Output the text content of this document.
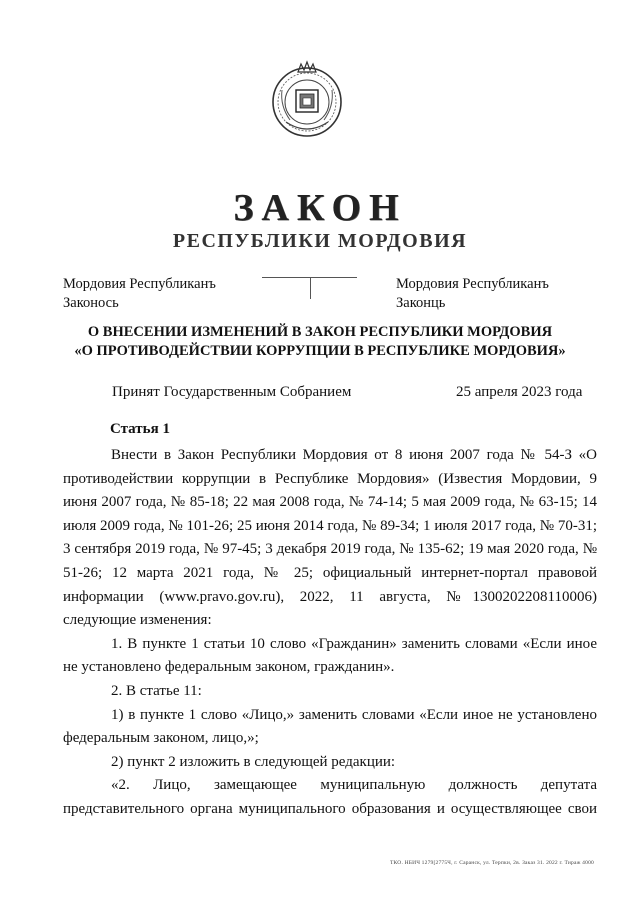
ЗАКОН
РЕСПУБЛИКИ МОРДОВИЯ
Мордовия Республиканъ
Законось
Мордовия Республиканъ
Законць
О ВНЕСЕНИИ ИЗМЕНЕНИЙ В ЗАКОН РЕСПУБЛИКИ МОРДОВИЯ
«О ПРОТИВОДЕЙСТВИИ КОРРУПЦИИ В РЕСПУБЛИКЕ МОРДОВИЯ»
Принят Государственным Собранием	25 апреля 2023 года
Статья 1

Внести в Закон Республики Мордовия от 8 июня 2007 года № 54-З «О противодействии коррупции в Республике Мордовия» (Известия Мордовии, 9 июня 2007 года, № 85-18; 22 мая 2008 года, № 74-14; 5 мая 2009 года, № 63-15; 14 июля 2009 года, № 101-26; 25 июня 2014 года, № 89-34; 1 июля 2017 года, № 70-31; 3 сентября 2019 года, № 97-45; 3 декабря 2019 года, № 135-62; 19 мая 2020 года, № 51-26; 12 марта 2021 года, № 25; официальный интернет-портал правовой информации (www.pravo.gov.ru), 2022, 11 августа, №1300202208110006) следующие изменения:

1. В пункте 1 статьи 10 слово «Гражданин» заменить словами «Если иное не установлено федеральным законом, гражданин».

2. В статье 11:

1) в пункте 1 слово «Лицо,» заменить словами «Если иное не установлено федеральным законом, лицо,»;

2) пункт 2 изложить в следующей редакции:

«2. Лицо, замещающее муниципальную должность депутата представительного органа муниципального образования и осуществляющее свои

ТКО. НБИЧ 1279[2775Ч, г. Саранск, ул. Терпки, 2в. Заказ 31. 2022 г. Тираж 4000
